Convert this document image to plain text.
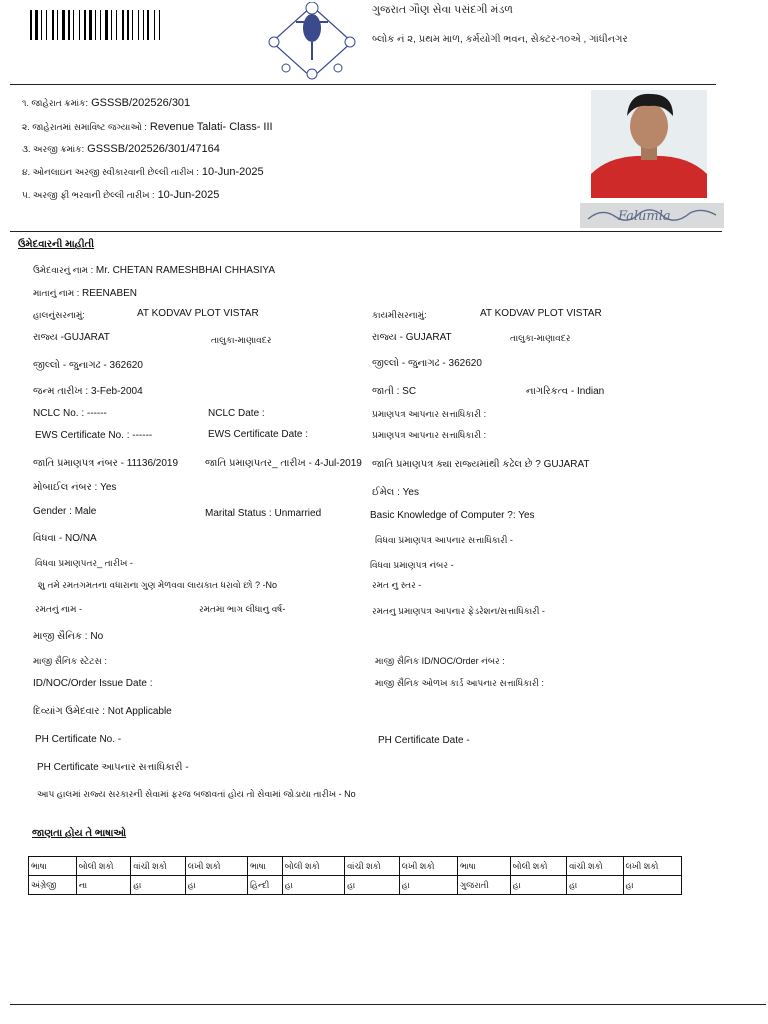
ગુજરાત ગૌણ સેવા પસંદગી મંડળ
બ્લોક નં ૨, પ્રથમ માળ, કર્મયોગી ભવન, સેક્ટર-૧૦એ , ગાંધીનગર
૧. જાહેરાત ક્રમાંક: GSSSB/202526/301
૨. જાહેરાતમાં સમાવિષ્ટ જગ્યાઓ : Revenue Talati- Class- III
૩. અરજી ક્રમાંક: GSSSB/202526/301/47164
૪. ઓનલાઇન અરજી સ્વીકારવાની છેલ્લી તારીખ : 10-Jun-2025
૫. અરજી ફી ભરવાની છેલ્લી તારીખ : 10-Jun-2025
Falumla
ઉમેદવારની માહીતી
ઉમેદવારનું નામ : Mr. CHETAN RAMESHBHAI CHHASIYA
માતાનું નામ : REENABEN
હાલનુંસરનામું:	AT KODVAV PLOT VISTAR	કાયમીસરનામું:	AT KODVAV PLOT VISTAR
રાજ્ય -GUJARAT	તાલુકા-માણાવદર	રાજ્ય - GUJARAT	તાલુકા-માણાવદર
જીલ્લો - જુનાગઢ - 362620	જીલ્લો - જુનાગઢ - 362620
જન્મ તારીખ : 3-Feb-2004	જાતી : SC	નાગરિકત્વ - Indian
NCLC No. : ------	NCLC Date :	પ્રમાણપત્ર આપનાર સત્તાધિકારી :
EWS Certificate No. : ------	EWS Certificate Date :	પ્રમાણપત્ર આપનાર સત્તાધિકારી :
જાતિ પ્રમાણપત્ર નંબર - 11136/2019	જાતિ પ્રમાણપતર_ તારીખ - 4-Jul-2019 જાતિ પ્રમાણપત્ર ક્યા રાજ્યમાંથી કઢેલ છે ? GUJARAT
મોબાઈલ નંબર : Yes	ઈમેલ : Yes
Gender : Male	Marital Status : Unmarried	Basic Knowledge of Computer ?: Yes
વિધવા - NO/NA	વિધવા પ્રમાણપત્ર આપનાર સત્તાધિકારી -
વિધવા પ્રમાણપતર_ તારીખ -	વિધવા પ્રમાણપત્ર નંબર -
શુ તમે રમતગમતના વધારાના ગુણ મેળવવા લાયકાત ધરાવો છો ? -No	રમત નુ સ્તર -
રમતનું નામ -	રમતમા ભાગ લીધાનુ વર્ષ-	રમતનુ પ્રમાણપત્ર આપનાર ફેડરેશન/સત્તાધિકારી -
માજી સૈનિક : No
માજી સૈનિક સ્ટેટસ :	માજી સૈનિક ID/NOC/Order નંબર :
ID/NOC/Order Issue Date :	માજી સૈનિક ઓળખ કાર્ડ આપનાર સત્તાધિકારી :
દિવ્યાંગ ઉમેદવાર : Not Applicable
PH Certificate No. -	PH Certificate Date -
PH Certificate આપનાર સત્તાધિકારી -
આપ હાલમાં રાજ્ય સરકારની સેવામાં ફરજ બજાવતાં હોય તો સેવામાં જોડાયા તારીખ - No
જાણતા હોય તે ભાષાઓ
ભાષા	બોલી શકો	વાંચી શકો	લખી શકો	ભાષા	બોલી શકો	વાંચી શકો	લખી શકો	ભાષા	બોલી શકો	વાંચી શકો	લખી શકો
અંગ્રેજી	ના	હા	હા	હિન્દી	હા	હા	હા	ગુજરાતી	હા	હા	હા
